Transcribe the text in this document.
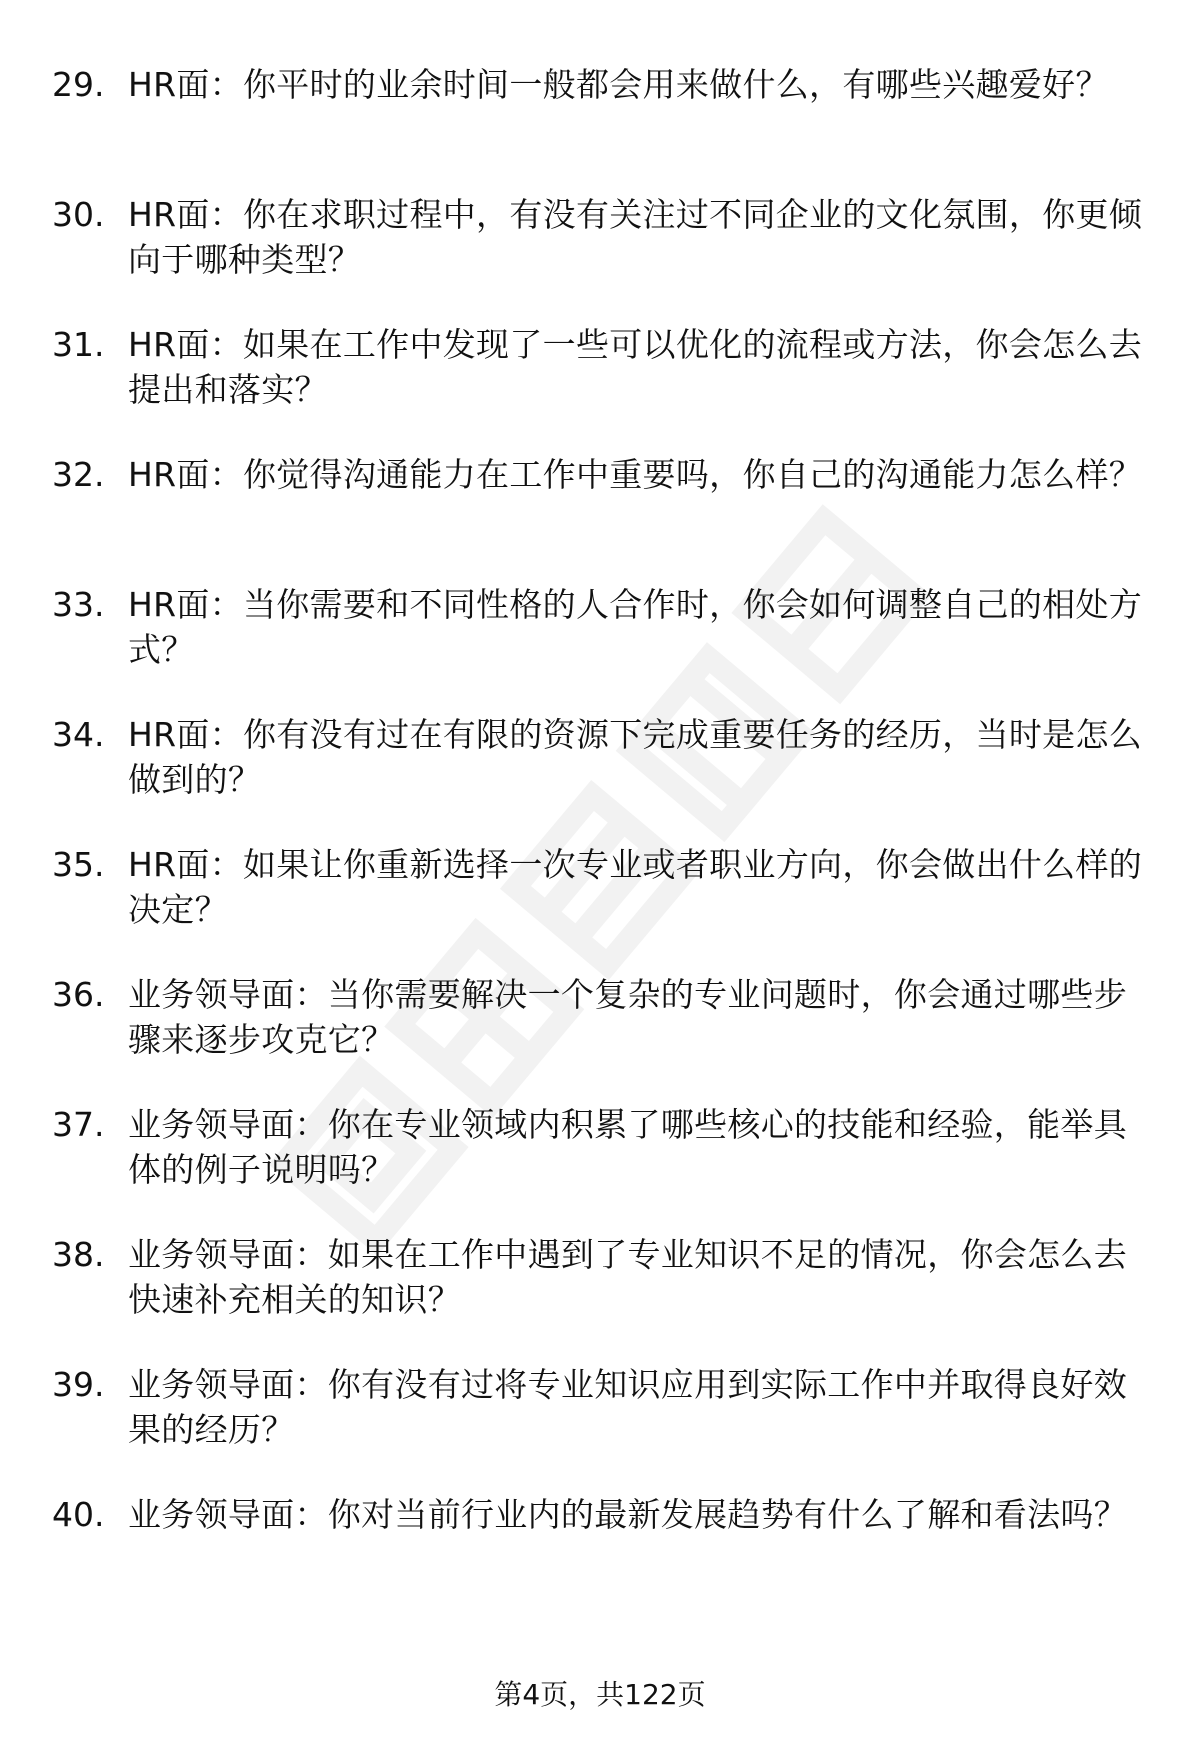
29. HR面：你平时的业余时间一般都会用来做什么，有哪些兴趣爱好？
30. HR面：你在求职过程中，有没有关注过不同企业的文化氛围，你更倾向于哪种类型？
31. HR面：如果在工作中发现了一些可以优化的流程或方法，你会怎么去提出和落实？
32. HR面：你觉得沟通能力在工作中重要吗，你自己的沟通能力怎么样？
33. HR面：当你需要和不同性格的人合作时，你会如何调整自己的相处方式？
34. HR面：你有没有过在有限的资源下完成重要任务的经历，当时是怎么做到的？
35. HR面：如果让你重新选择一次专业或者职业方向，你会做出什么样的决定？
36. 业务领导面：当你需要解决一个复杂的专业问题时，你会通过哪些步骤来逐步攻克它？
37. 业务领导面：你在专业领域内积累了哪些核心的技能和经验，能举具体的例子说明吗？
38. 业务领导面：如果在工作中遇到了专业知识不足的情况，你会怎么去快速补充相关的知识？
39. 业务领导面：你有没有过将专业知识应用到实际工作中并取得良好效果的经历？
40. 业务领导面：你对当前行业内的最新发展趋势有什么了解和看法吗？
第4页，共122页
